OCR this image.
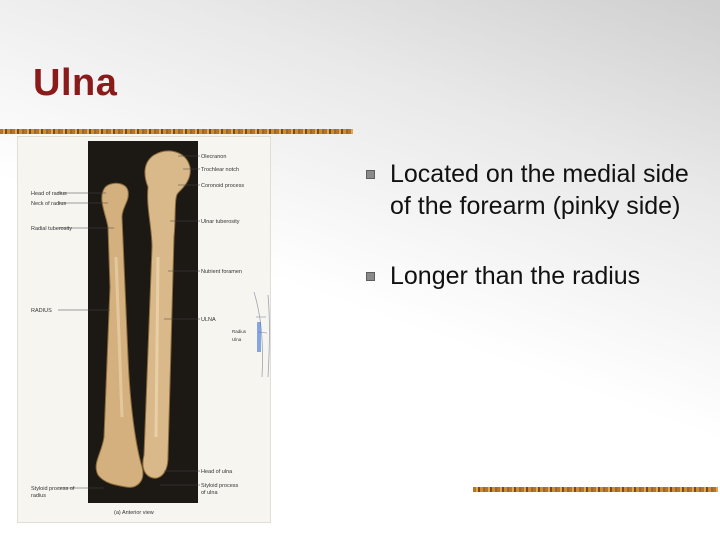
Ulna
Olecranon
Trochlear notch
Coronoid process
Ulnar tuberosity
Nutrient foramen
ULNA
Head of ulna
Styloid process
of ulna
Head of radius
Neck of radius
Radial tuberosity
RADIUS
Styloid process of
radius
Radius
Ulna
(a) Anterior view
Located on the medial side of the forearm (pinky side)
Longer than the radius
